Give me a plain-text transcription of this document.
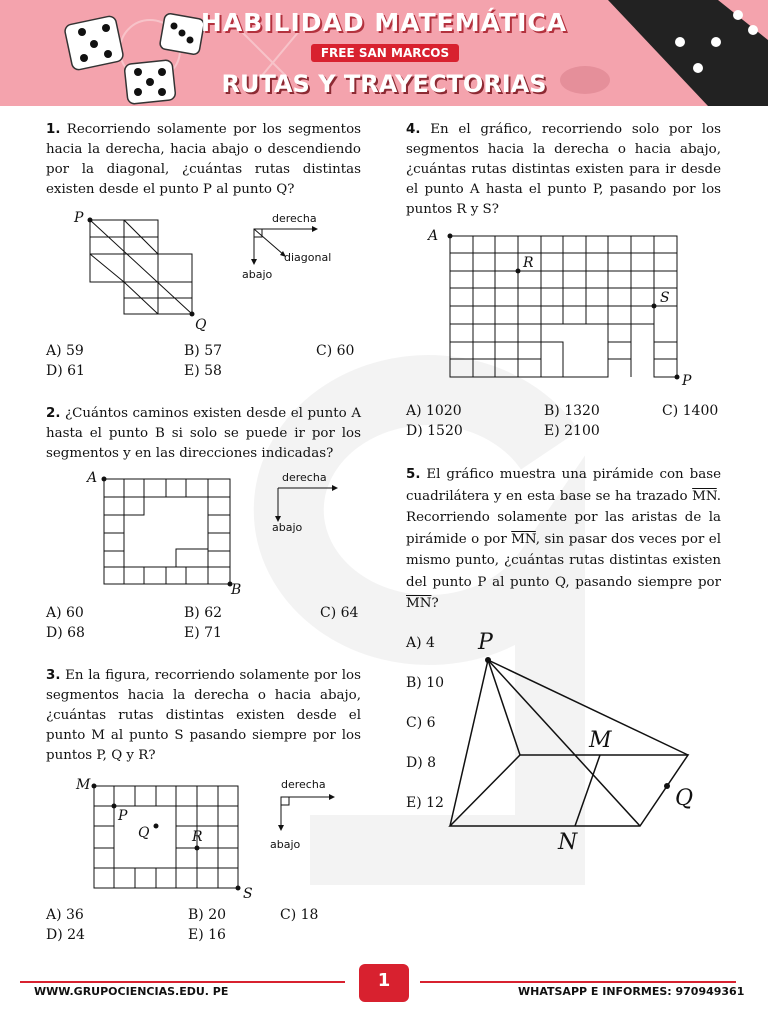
HABILIDAD MATEMÁTICA
FREE SAN MARCOS
RUTAS Y TRAYECTORIAS
1. Recorriendo solamente por los segmentos hacia la derecha, hacia abajo o descendiendo por la diagonal, ¿cuántas rutas distintas existen desde el punto P al punto Q?
P
Q
derecha
diagonal
abajo
A) 59	B) 57	C) 60
D) 61	E) 58
2. ¿Cuántos caminos existen desde el punto A hasta el punto B si solo se puede ir por los segmentos y en las direcciones indicadas?
A
B
derecha
abajo
A) 60	B) 62	C) 64
D) 68	E) 71
3. En la figura, recorriendo solamente por los segmentos hacia la derecha o hacia abajo, ¿cuántas rutas distintas existen desde el punto M al punto S pasando siempre por los puntos P, Q y R?
M
P
Q	R
S
derecha
abajo
A) 36	B) 20	C) 18
D) 24	E) 16
4. En el gráfico, recorriendo solo por los segmentos hacia la derecha o hacia abajo, ¿cuántas rutas distintas existen para ir desde el punto A hasta el punto P, pasando por los puntos R y S?
A
R
S
P
A) 1020	B) 1320	C) 1400
D) 1520	E) 2100
5. El gráfico muestra una pirámide con base cuadrilátera y en esta base se ha trazado $\overline{MN}$. Recorriendo solamente por las aristas de la pirámide o por $\overline{MN}$, sin pasar dos veces por el mismo punto, ¿cuántas rutas distintas existen del punto P al punto Q, pasando siempre por $\overline{MN}$?
A) 4
B) 10
C) 6
D) 8
E) 12
P
M
Q
N
WWW.GRUPOCIENCIAS.EDU. PE
1
WHATSAPP E INFORMES: 970949361
